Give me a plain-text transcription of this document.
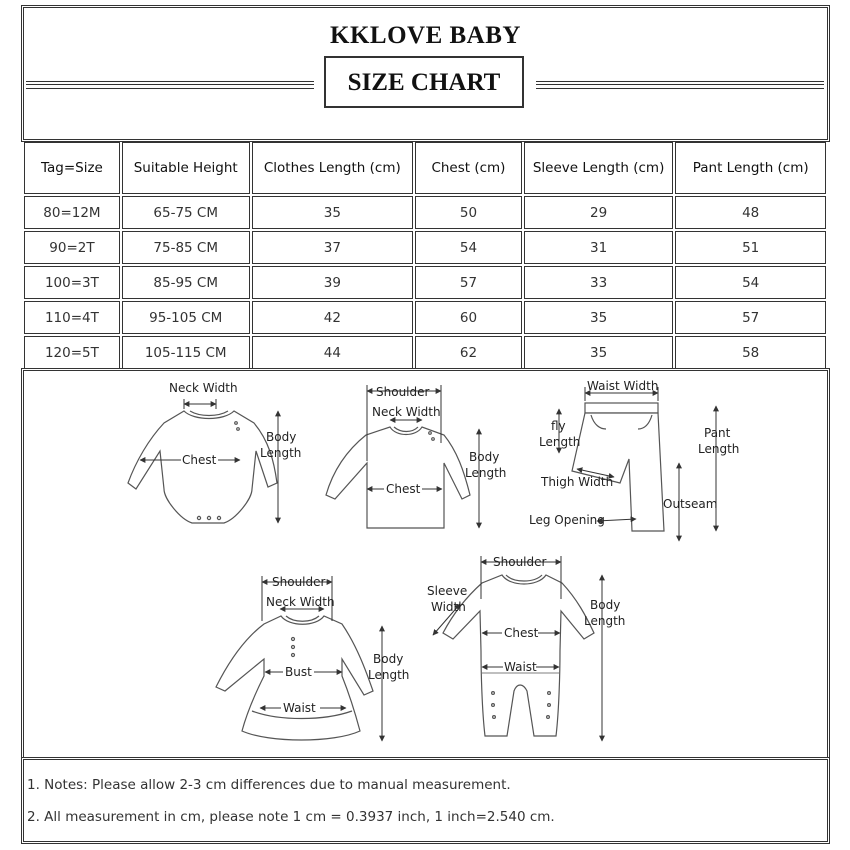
KKLOVE BABY
SIZE CHART
Tag=Size	Suitable Height	Clothes Length (cm)	Chest (cm)	Sleeve Length (cm)	Pant Length (cm)
80=12M	65-75 CM	35	50	29	48
90=2T	75-85 CM	37	54	31	51
100=3T	85-95 CM	39	57	33	54
110=4T	95-105 CM	42	60	35	57
120=5T	105-115 CM	44	62	35	58
Neck Width
Chest
Body
Length
Shoulder
Neck Width
Chest
Body
Length
Waist Width
fly
Length
Pant
Length
Thigh Width
Outseam
Leg Opening
Shoulder
Neck Width
Bust
Waist
Body
Length
Shoulder
Sleeve
Width
Chest
Waist
Body
Length
1. Notes: Please allow 2-3 cm differences due to manual measurement.
2. All measurement in cm, please note 1 cm = 0.3937 inch, 1 inch=2.540 cm.
